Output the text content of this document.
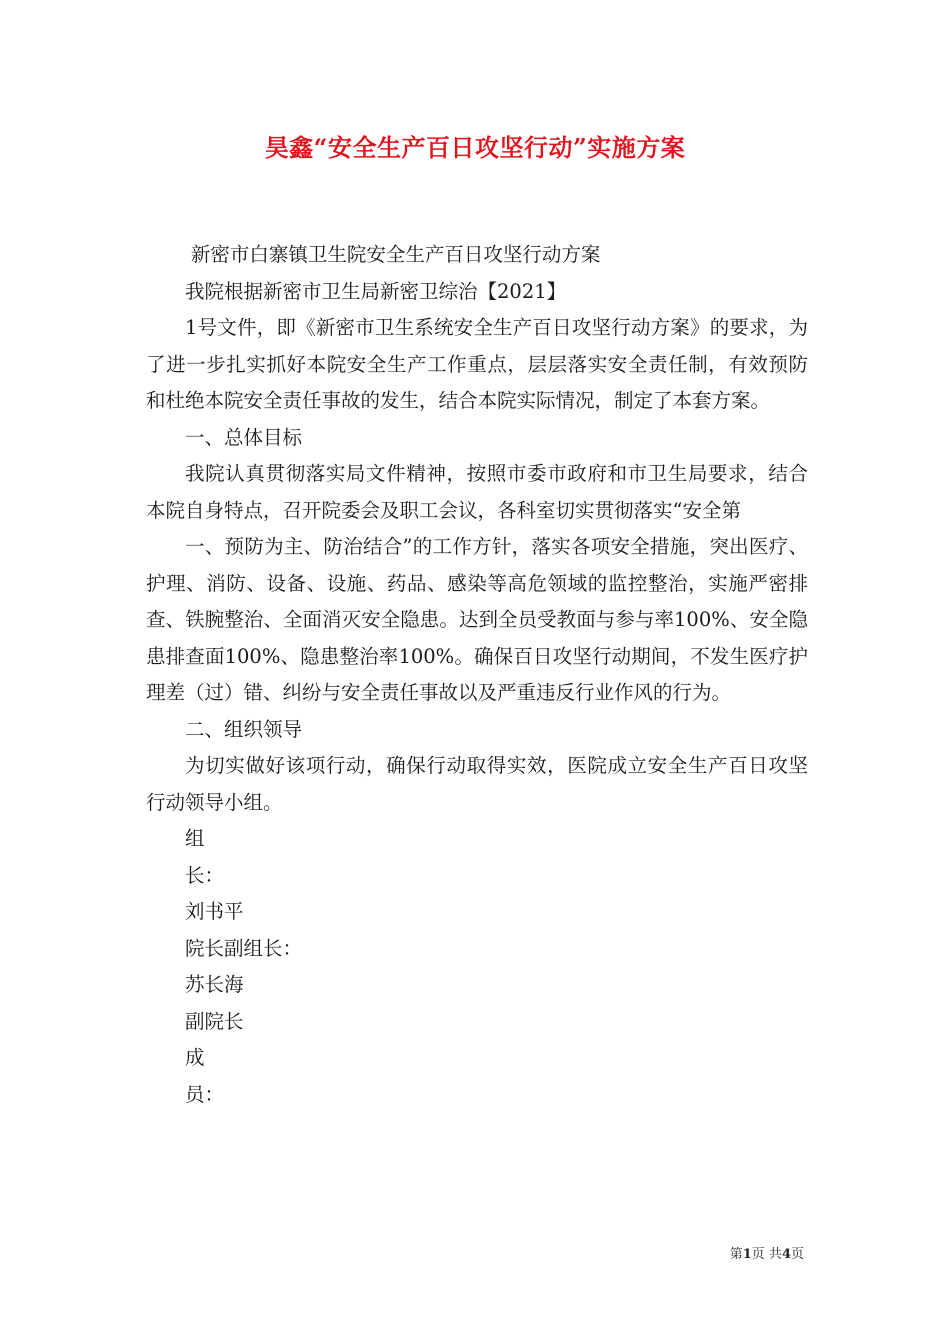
昊鑫“安全生产百日攻坚行动”实施方案

新密市白寨镇卫生院安全生产百日攻坚行动方案

我院根据新密市卫生局新密卫综治【2021】

1号文件，即《新密市卫生系统安全生产百日攻坚行动方案》的要求，为了进一步扎实抓好本院安全生产工作重点，层层落实安全责任制，有效预防和杜绝本院安全责任事故的发生，结合本院实际情况，制定了本套方案。

一、总体目标

我院认真贯彻落实局文件精神，按照市委市政府和市卫生局要求，结合本院自身特点，召开院委会及职工会议，各科室切实贯彻落实“安全第

一、预防为主、防治结合”的工作方针，落实各项安全措施，突出医疗、护理、消防、设备、设施、药品、感染等高危领域的监控整治，实施严密排查、铁腕整治、全面消灭安全隐患。达到全员受教面与参与率100%、安全隐患排查面100%、隐患整治率100%。确保百日攻坚行动期间，不发生医疗护理差（过）错、纠纷与安全责任事故以及严重违反行业作风的行为。

二、组织领导

为切实做好该项行动，确保行动取得实效，医院成立安全生产百日攻坚行动领导小组。

组

长：

刘书平

院长副组长：

苏长海

副院长

成

员：

第1页 共4页
